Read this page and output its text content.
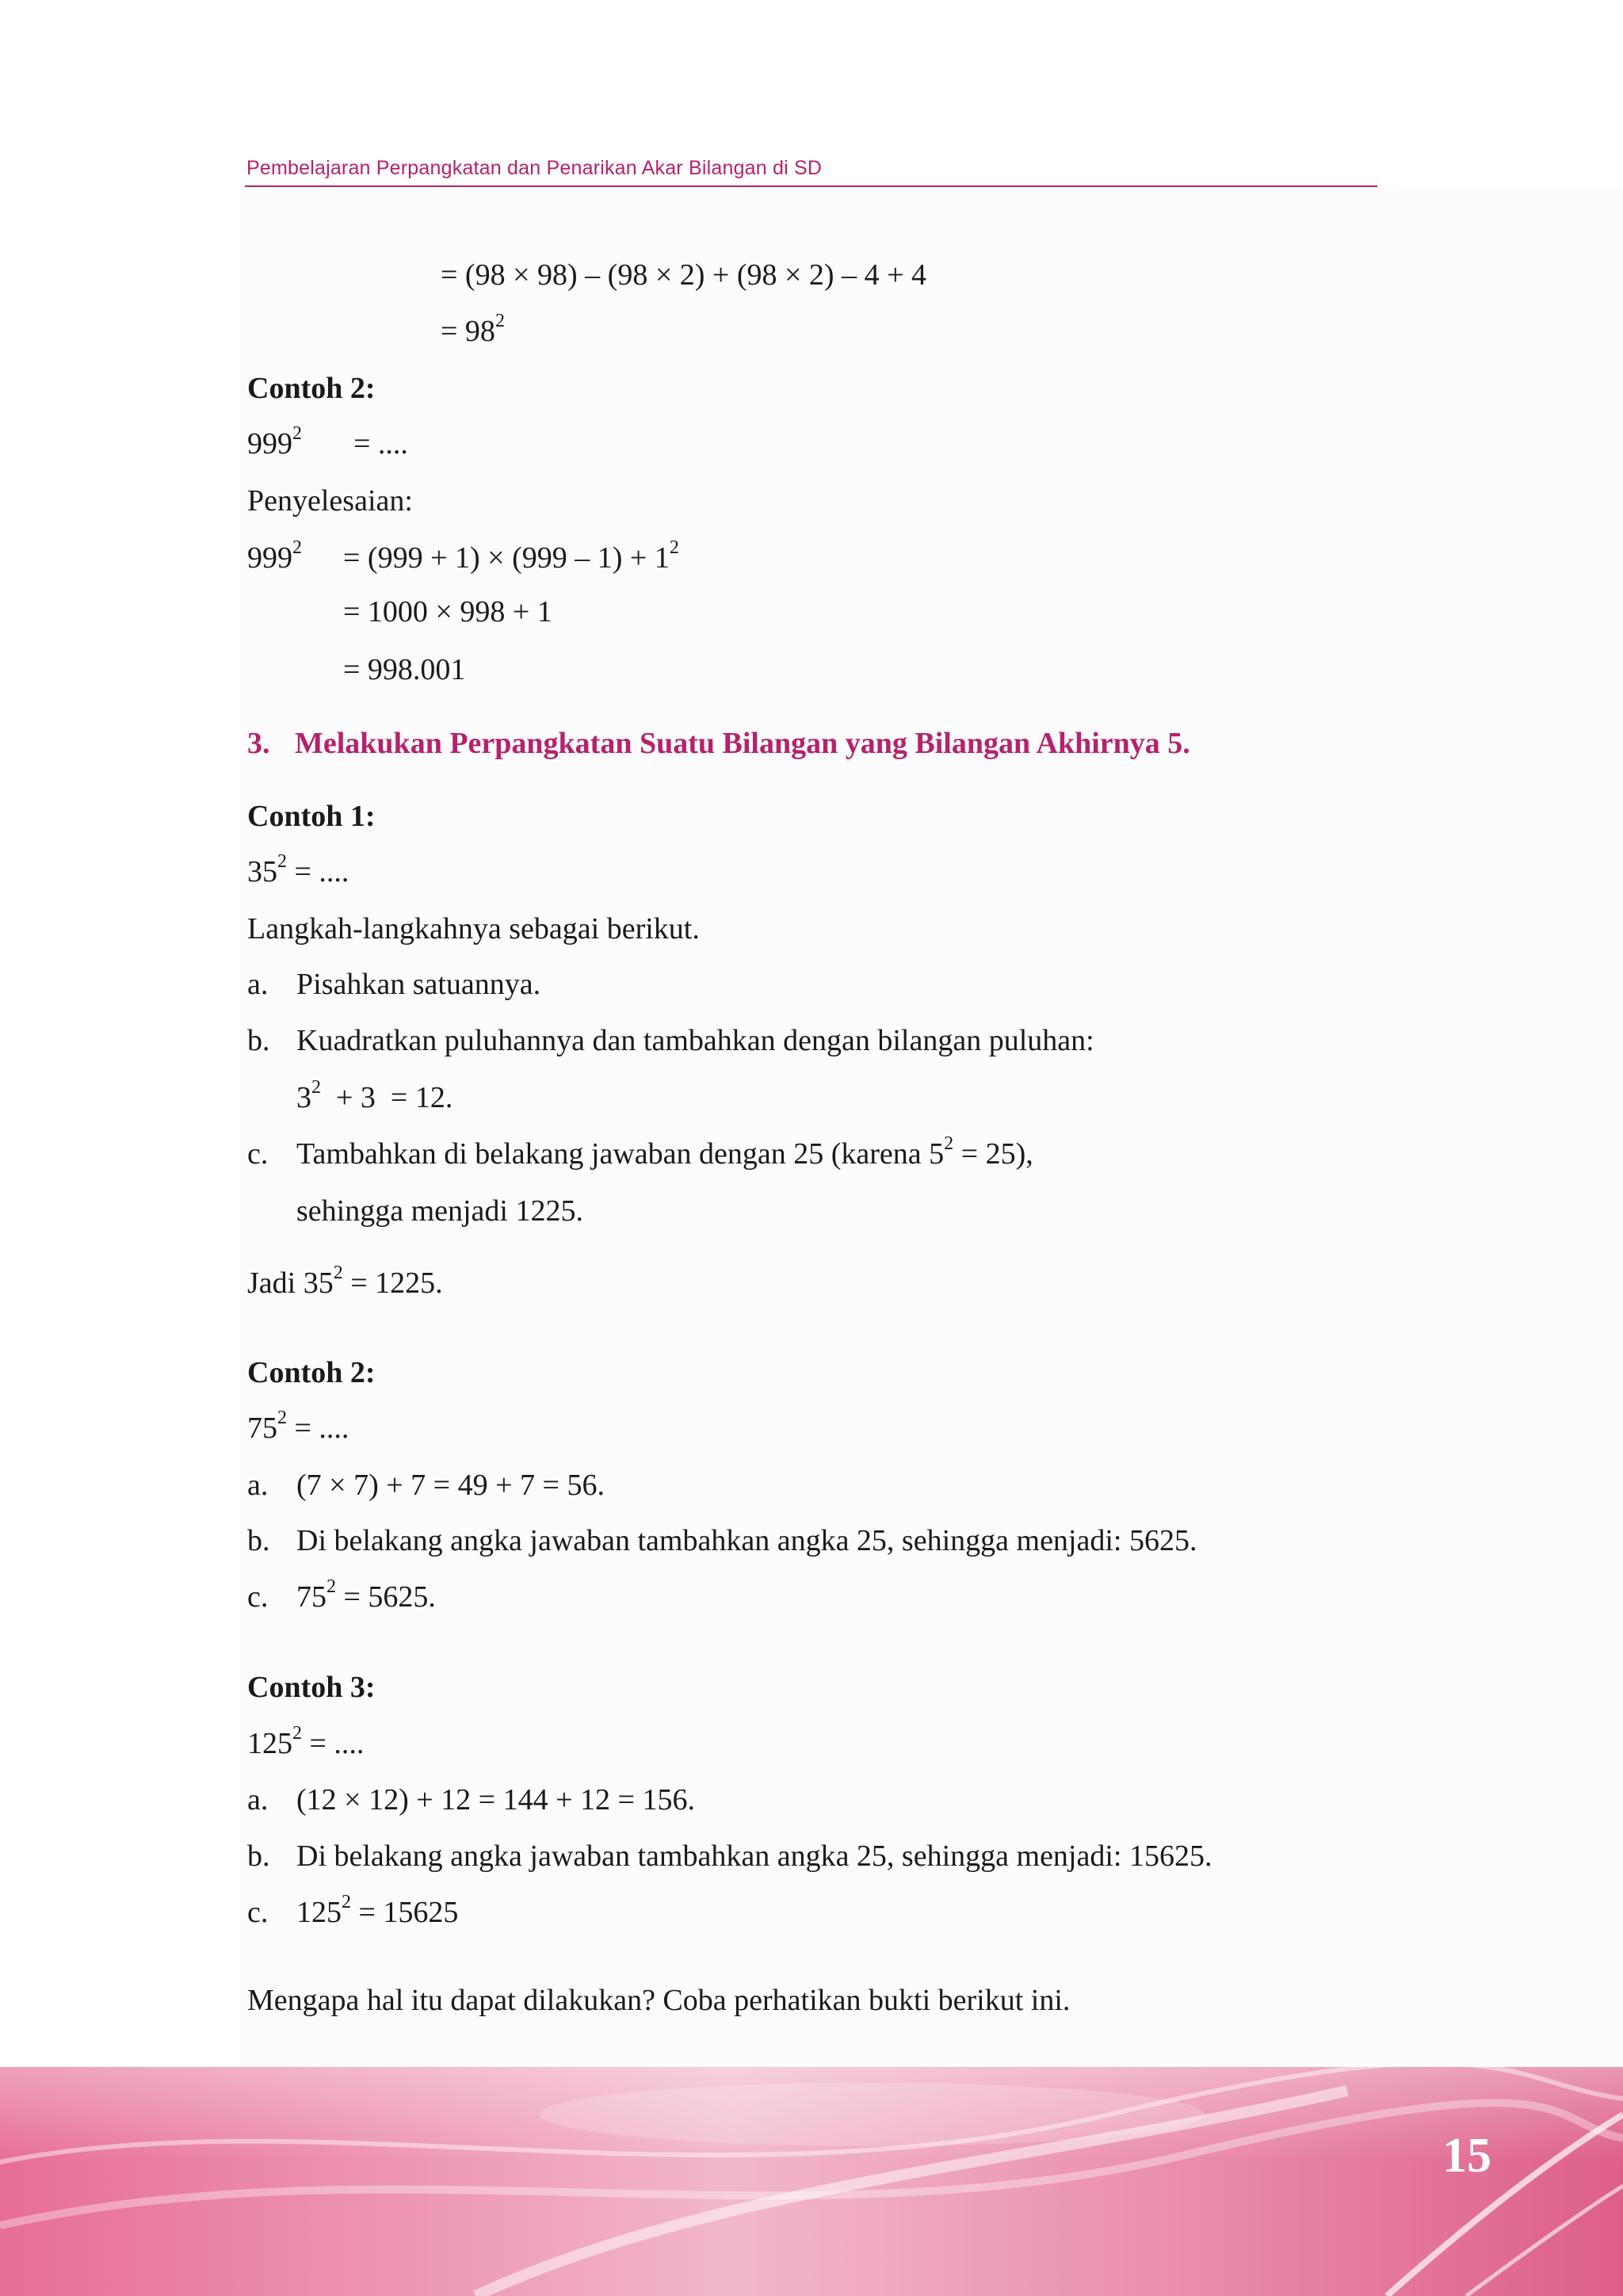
Pembelajaran Perpangkatan dan Penarikan Akar Bilangan di SD
= (98 × 98) – (98 × 2) + (98 × 2) – 4 + 4
= $98^2$
Contoh 2:
$999^2$ = ....
Penyelesaian:
$999^2 = (999 + 1) \times (999 - 1) + 1^2$
= 1000 × 998 + 1
= 998.001
3. Melakukan Perpangkatan Suatu Bilangan yang Bilangan Akhirnya 5.
Contoh 1:
$35^2$ = ....
Langkah-langkahnya sebagai berikut.
a. Pisahkan satuannya.
b. Kuadratkan puluhannya dan tambahkan dengan bilangan puluhan:
$3^2 + 3 = 12$.
c. Tambahkan di belakang jawaban dengan 25 (karena $5^2 = 25$),
sehingga menjadi 1225.
Jadi $35^2 = 1225$.
Contoh 2:
$75^2$ = ....
a. (7 × 7) + 7 = 49 + 7 = 56.
b. Di belakang angka jawaban tambahkan angka 25, sehingga menjadi: 5625.
c. $75^2 = 5625$.
Contoh 3:
$125^2$ = ....
a. (12 × 12) + 12 = 144 + 12 = 156.
b. Di belakang angka jawaban tambahkan angka 25, sehingga menjadi: 15625.
c. $125^2 = 15625$
Mengapa hal itu dapat dilakukan? Coba perhatikan bukti berikut ini.
15
